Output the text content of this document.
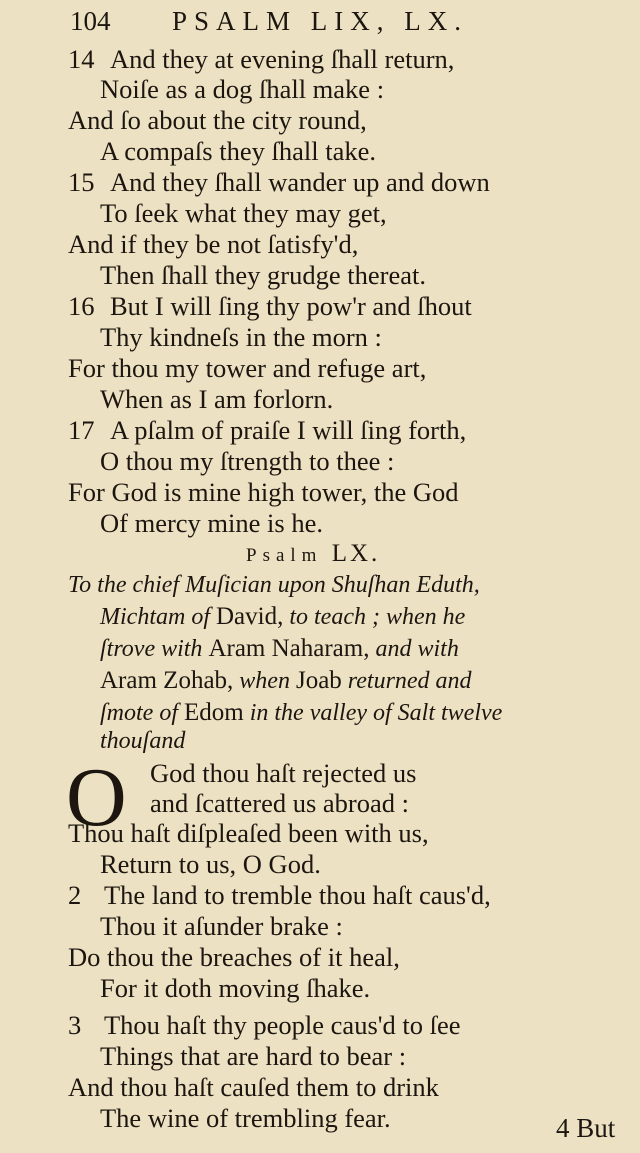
104 PSALM LIX, LX.
14 And they at evening ſhall return,
Noiſe as a dog ſhall make :
And ſo about the city round,
A compaſs they ſhall take.
15 And they ſhall wander up and down
To ſeek what they may get,
And if they be not ſatisfy'd,
Then ſhall they grudge thereat.
16 But I will ſing thy pow'r and ſhout
Thy kindneſs in the morn :
For thou my tower and refuge art,
When as I am forlorn.
17 A pſalm of praiſe I will ſing forth,
O thou my ſtrength to thee :
For God is mine high tower, the God
Of mercy mine is he.
Psalm LX.
To the chief Muſician upon Shuſhan Eduth,
Michtam of David, to teach ; when he
ſtrove with Aram Naharam, and with
Aram Zohab, when Joab returned and
ſmote of Edom in the valley of Salt twelve
thouſand
O God thou haſt rejected us
and ſcattered us abroad :
Thou haſt diſpleaſed been with us,
Return to us, O God.
2 The land to tremble thou haſt caus'd,
Thou it aſunder brake :
Do thou the breaches of it heal,
For it doth moving ſhake.
3 Thou haſt thy people caus'd to ſee
Things that are hard to bear :
And thou haſt cauſed them to drink
The wine of trembling fear.	4 But
